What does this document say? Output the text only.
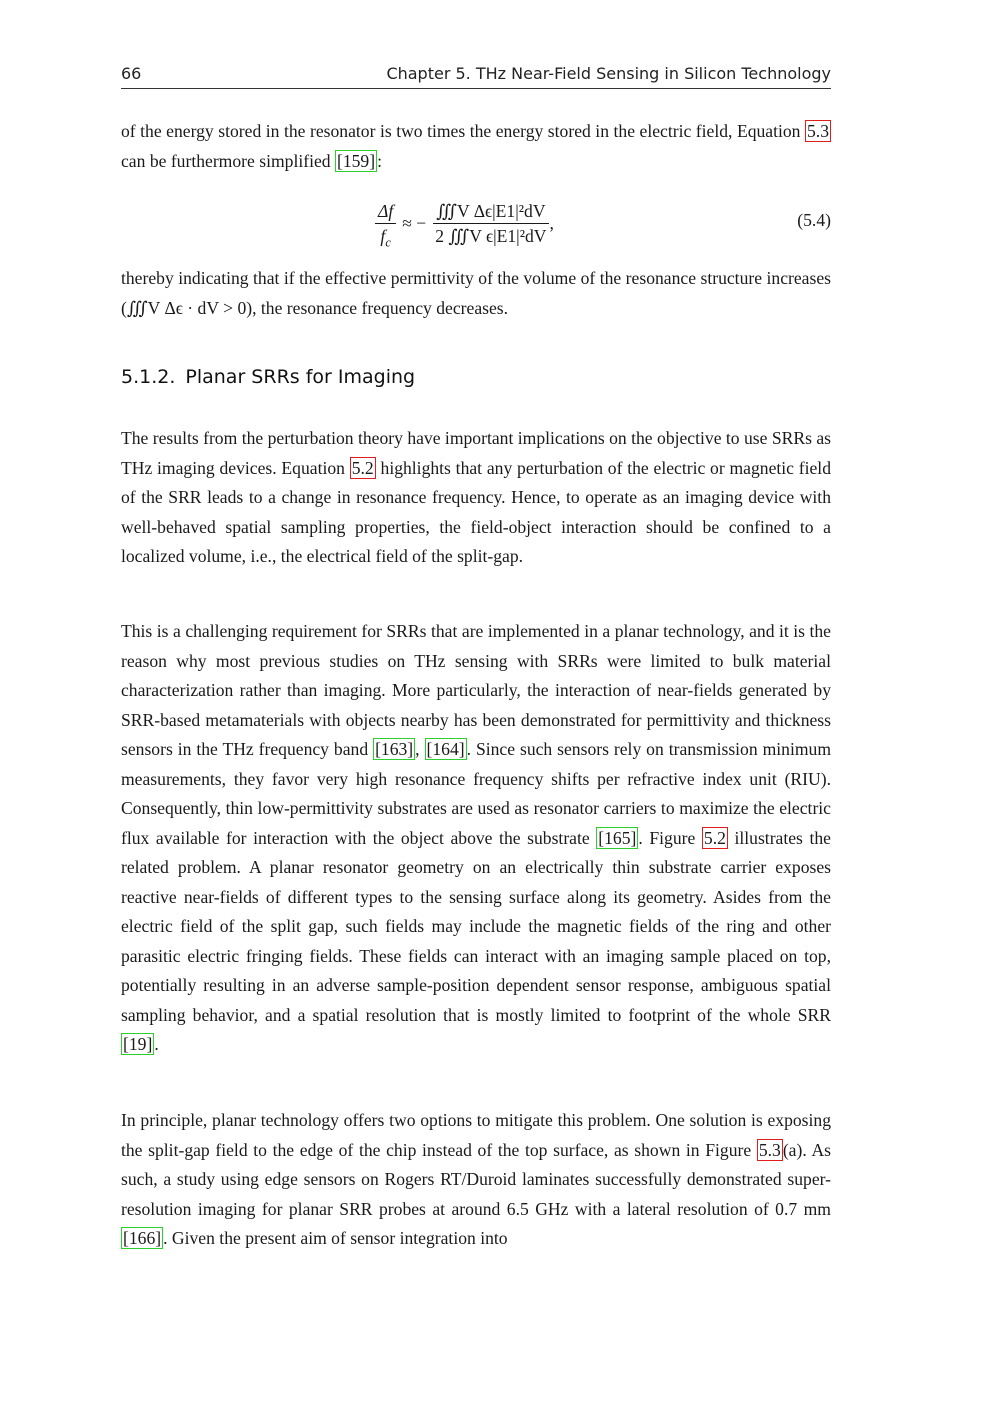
66	Chapter 5. THz Near-Field Sensing in Silicon Technology

of the energy stored in the resonator is two times the energy stored in the electric field, Equation 5.3 can be furthermore simplified [159] :

$\frac{\Delta f}{f_c}$ ≈ − $\frac{\text{∭V Δϵ|E1|²dV}}{\text{2 ∭V ϵ|E1|²dV}}$ ,	(5.4)

thereby indicating that if the effective permittivity of the volume of the resonance structure increases (∭V Δϵ · dV > 0), the resonance frequency decreases.

5.1.2. Planar SRRs for Imaging

The results from the perturbation theory have important implications on the objective to use SRRs as THz imaging devices. Equation 5.2 highlights that any perturbation of the electric or magnetic field of the SRR leads to a change in resonance frequency. Hence, to operate as an imaging device with well-behaved spatial sampling properties, the field-object interaction should be confined to a localized volume, i.e., the electrical field of the split-gap.

This is a challenging requirement for SRRs that are implemented in a planar technology, and it is the reason why most previous studies on THz sensing with SRRs were limited to bulk material characterization rather than imaging. More particularly, the interaction of near-fields generated by SRR-based metamaterials with objects nearby has been demonstrated for permittivity and thickness sensors in the THz frequency band [163] , [164] . Since such sensors rely on transmission minimum measurements, they favor very high resonance frequency shifts per refractive index unit (RIU). Consequently, thin low-permittivity substrates are used as resonator carriers to maximize the electric flux available for interaction with the object above the substrate [165] . Figure 5.2 illustrates the related problem. A planar resonator geometry on an electrically thin substrate carrier exposes reactive near-fields of different types to the sensing surface along its geometry. Asides from the electric field of the split gap, such fields may include the magnetic fields of the ring and other parasitic electric fringing fields. These fields can interact with an imaging sample placed on top, potentially resulting in an adverse sample-position dependent sensor response, ambiguous spatial sampling behavior, and a spatial resolution that is mostly limited to footprint of the whole SRR [19] .

In principle, planar technology offers two options to mitigate this problem. One solution is exposing the split-gap field to the edge of the chip instead of the top surface, as shown in Figure 5.3 (a). As such, a study using edge sensors on Rogers RT/Duroid laminates successfully demonstrated super-resolution imaging for planar SRR probes at around 6.5 GHz with a lateral resolution of 0.7 mm [166] . Given the present aim of sensor integration into
